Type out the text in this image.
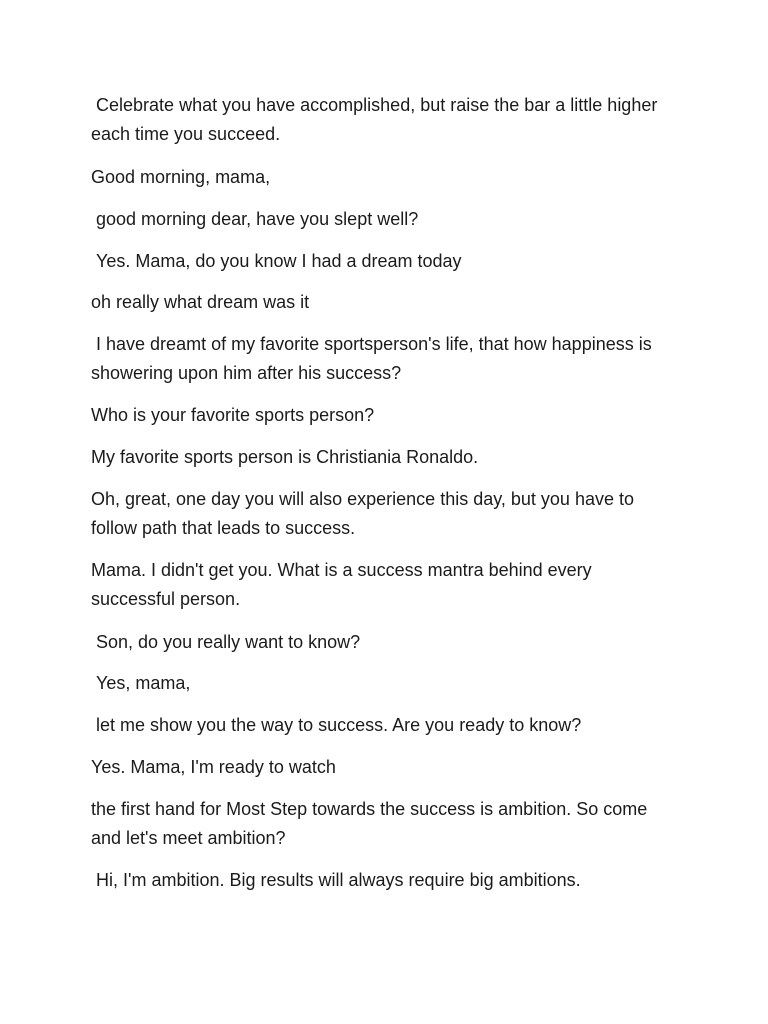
Celebrate what you have accomplished, but raise the bar a little higher
each time you succeed.

Good morning, mama,

good morning dear, have you slept well?

Yes. Mama, do you know I had a dream today

oh really what dream was it

I have dreamt of my favorite sportsperson's life, that how happiness is
showering upon him after his success?

Who is your favorite sports person?

My favorite sports person is Christiania Ronaldo.

Oh, great, one day you will also experience this day, but you have to
follow path that leads to success.

Mama. I didn't get you. What is a success mantra behind every
successful person.

Son, do you really want to know?

Yes, mama,

let me show you the way to success. Are you ready to know?

Yes. Mama, I'm ready to watch

the first hand for Most Step towards the success is ambition. So come
and let's meet ambition?

Hi, I'm ambition. Big results will always require big ambitions.
